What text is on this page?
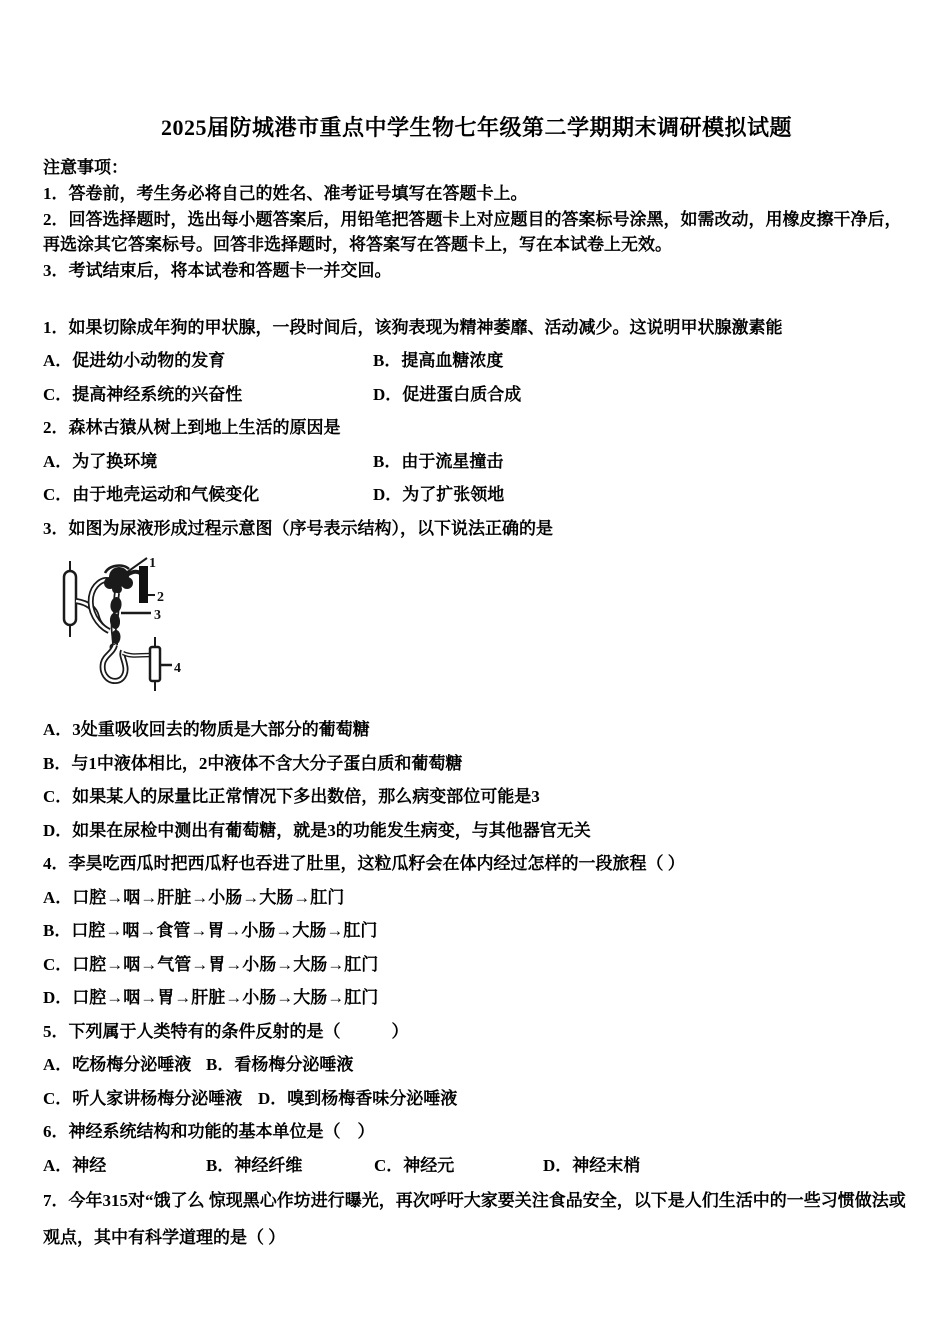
2025届防城港市重点中学生物七年级第二学期期末调研模拟试题

注意事项：

1．答卷前，考生务必将自己的姓名、准考证号填写在答题卡上。

2．回答选择题时，选出每小题答案后，用铅笔把答题卡上对应题目的答案标号涂黑，如需改动，用橡皮擦干净后，再选涂其它答案标号。回答非选择题时，将答案写在答题卡上，写在本试卷上无效。

3．考试结束后，将本试卷和答题卡一并交回。

1．如果切除成年狗的甲状腺，一段时间后，该狗表现为精神萎靡、活动减少。这说明甲状腺激素能

A．促进幼小动物的发育	B．提高血糖浓度

C．提高神经系统的兴奋性	D．促进蛋白质合成

2．森林古猿从树上到地上生活的原因是

A．为了换环境	B．由于流星撞击

C．由于地壳运动和气候变化	D．为了扩张领地

3．如图为尿液形成过程示意图（序号表示结构），以下说法正确的是

2
1
3
4

A．3处重吸收回去的物质是大部分的葡萄糖

B．与1中液体相比，2中液体不含大分子蛋白质和葡萄糖

C．如果某人的尿量比正常情况下多出数倍，那么病变部位可能是3

D．如果在尿检中测出有葡萄糖，就是3的功能发生病变，与其他器官无关

4．李昊吃西瓜时把西瓜籽也吞进了肚里，这粒瓜籽会在体内经过怎样的一段旅程（ ）

A．口腔→咽→肝脏→小肠→大肠→肛门

B．口腔→咽→食管→胃→小肠→大肠→肛门

C．口腔→咽→气管→胃→小肠→大肠→肛门

D．口腔→咽→胃→肝脏→小肠→大肠→肛门

5．下列属于人类特有的条件反射的是（　　　）

A．吃杨梅分泌唾液 B．看杨梅分泌唾液

C．听人家讲杨梅分泌唾液 D．嗅到杨梅香味分泌唾液

6．神经系统结构和功能的基本单位是（　）

A．神经	B．神经纤维	C．神经元	D．神经末梢

7．今年315对“饿了么 惊现黑心作坊进行曝光，再次呼吁大家要关注食品安全，以下是人们生活中的一些习惯做法或观点，其中有科学道理的是（ ）
